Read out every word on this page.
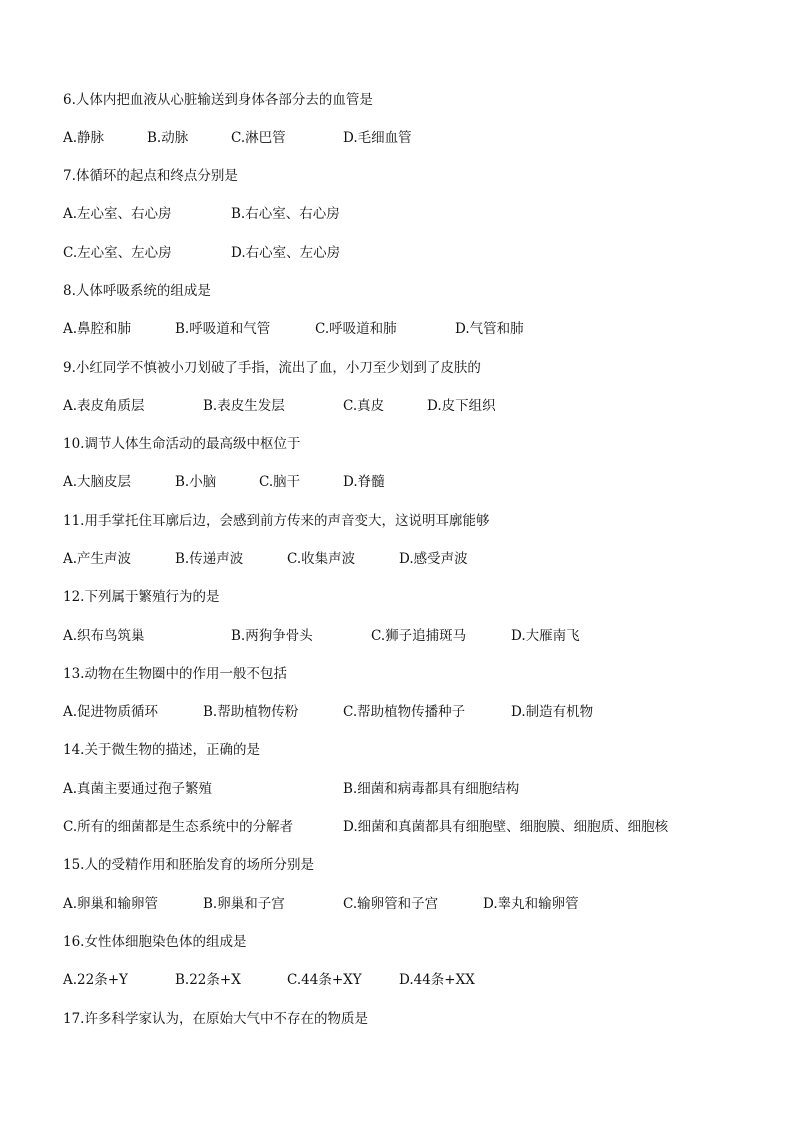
6.人体内把血液从心脏输送到身体各部分去的血管是
A.静脉	B.动脉	C.淋巴管	D.毛细血管
7.体循环的起点和终点分别是
A.左心室、右心房	B.右心室、右心房
C.左心室、左心房	D.右心室、左心房
8.人体呼吸系统的组成是
A.鼻腔和肺	B.呼吸道和气管	C.呼吸道和肺	D.气管和肺
9.小红同学不慎被小刀划破了手指，流出了血，小刀至少划到了皮肤的
A.表皮角质层	B.表皮生发层	C.真皮	D.皮下组织
10.调节人体生命活动的最高级中枢位于
A.大脑皮层	B.小脑	C.脑干	D.脊髓
11.用手掌托住耳廓后边，会感到前方传来的声音变大，这说明耳廓能够
A.产生声波	B.传递声波	C.收集声波	D.感受声波
12.下列属于繁殖行为的是
A.织布鸟筑巢	B.两狗争骨头	C.狮子追捕斑马	D.大雁南飞
13.动物在生物圈中的作用一般不包括
A.促进物质循环	B.帮助植物传粉	C.帮助植物传播种子	D.制造有机物
14.关于微生物的描述，正确的是
A.真菌主要通过孢子繁殖	B.细菌和病毒都具有细胞结构
C.所有的细菌都是生态系统中的分解者	D.细菌和真菌都具有细胞壁、细胞膜、细胞质、细胞核
15.人的受精作用和胚胎发育的场所分别是
A.卵巢和输卵管	B.卵巢和子宫	C.输卵管和子宫	D.睾丸和输卵管
16.女性体细胞染色体的组成是
A.22条+Y	B.22条+X	C.44条+XY	D.44条+XX
17.许多科学家认为，在原始大气中不存在的物质是
